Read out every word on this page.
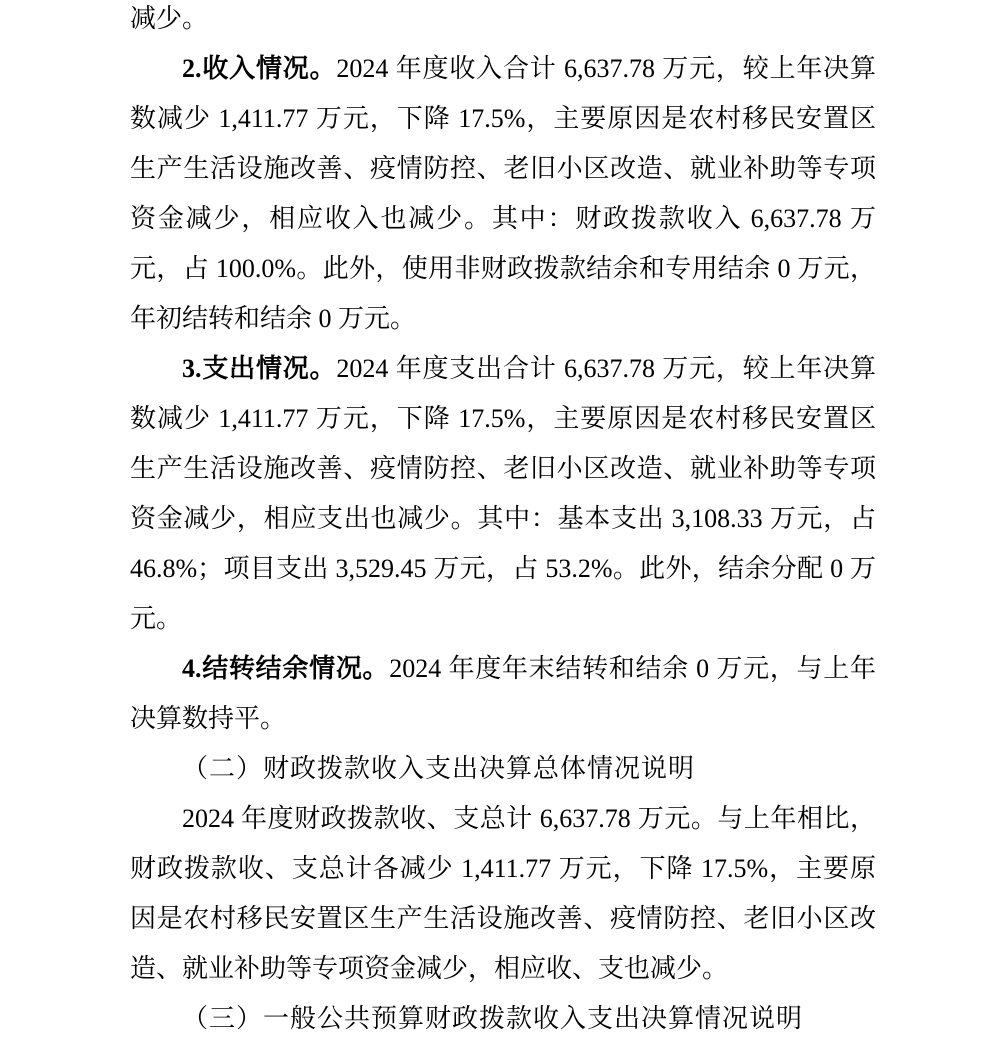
减少。

2.收入情况。2024 年度收入合计 6,637.78 万元，较上年决算数减少 1,411.77 万元，下降 17.5%，主要原因是农村移民安置区生产生活设施改善、疫情防控、老旧小区改造、就业补助等专项资金减少，相应收入也减少。其中：财政拨款收入 6,637.78 万元，占 100.0%。此外，使用非财政拨款结余和专用结余 0 万元，年初结转和结余 0 万元。

3.支出情况。2024 年度支出合计 6,637.78 万元，较上年决算数减少 1,411.77 万元，下降 17.5%，主要原因是农村移民安置区生产生活设施改善、疫情防控、老旧小区改造、就业补助等专项资金减少，相应支出也减少。其中：基本支出 3,108.33 万元，占 46.8%；项目支出 3,529.45 万元，占 53.2%。此外，结余分配 0 万元。

4.结转结余情况。2024 年度年末结转和结余 0 万元，与上年决算数持平。

（二）财政拨款收入支出决算总体情况说明

2024 年度财政拨款收、支总计 6,637.78 万元。与上年相比，财政拨款收、支总计各减少 1,411.77 万元，下降 17.5%，主要原因是农村移民安置区生产生活设施改善、疫情防控、老旧小区改造、就业补助等专项资金减少，相应收、支也减少。

（三）一般公共预算财政拨款收入支出决算情况说明
